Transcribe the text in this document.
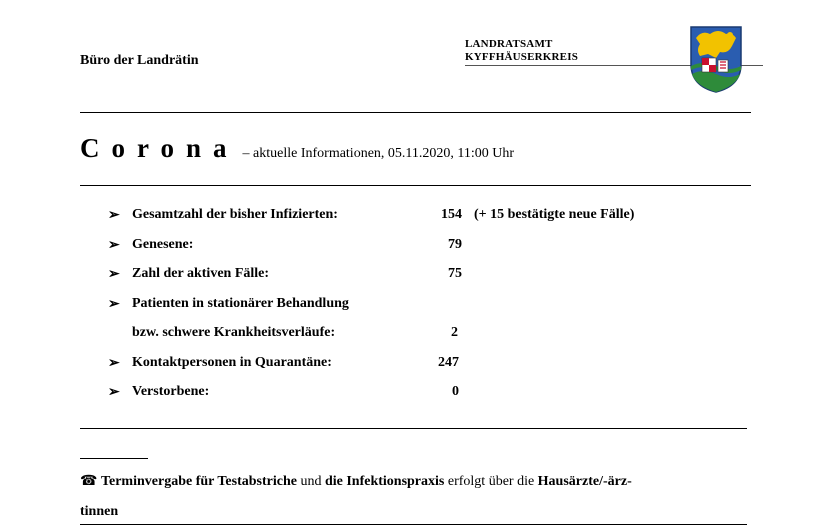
Büro der Landrätin
LANDRATSAMT
KYFFHÄUSERKREIS
Corona – aktuelle Informationen, 05.11.2020, 11:00 Uhr
➢ Gesamtzahl der bisher Infizierten:	154 (+ 15 bestätigte neue Fälle)
➢ Genesene:	79
➢ Zahl der aktiven Fälle:	75
➢ Patienten in stationärer Behandlung
bzw. schwere Krankheitsverläufe:	2
➢ Kontaktpersonen in Quarantäne:	247
➢ Verstorbene:	0
☎ Terminvergabe für Testabstriche und die Infektionspraxis erfolgt über die Hausärzte/-ärz-
tinnen
